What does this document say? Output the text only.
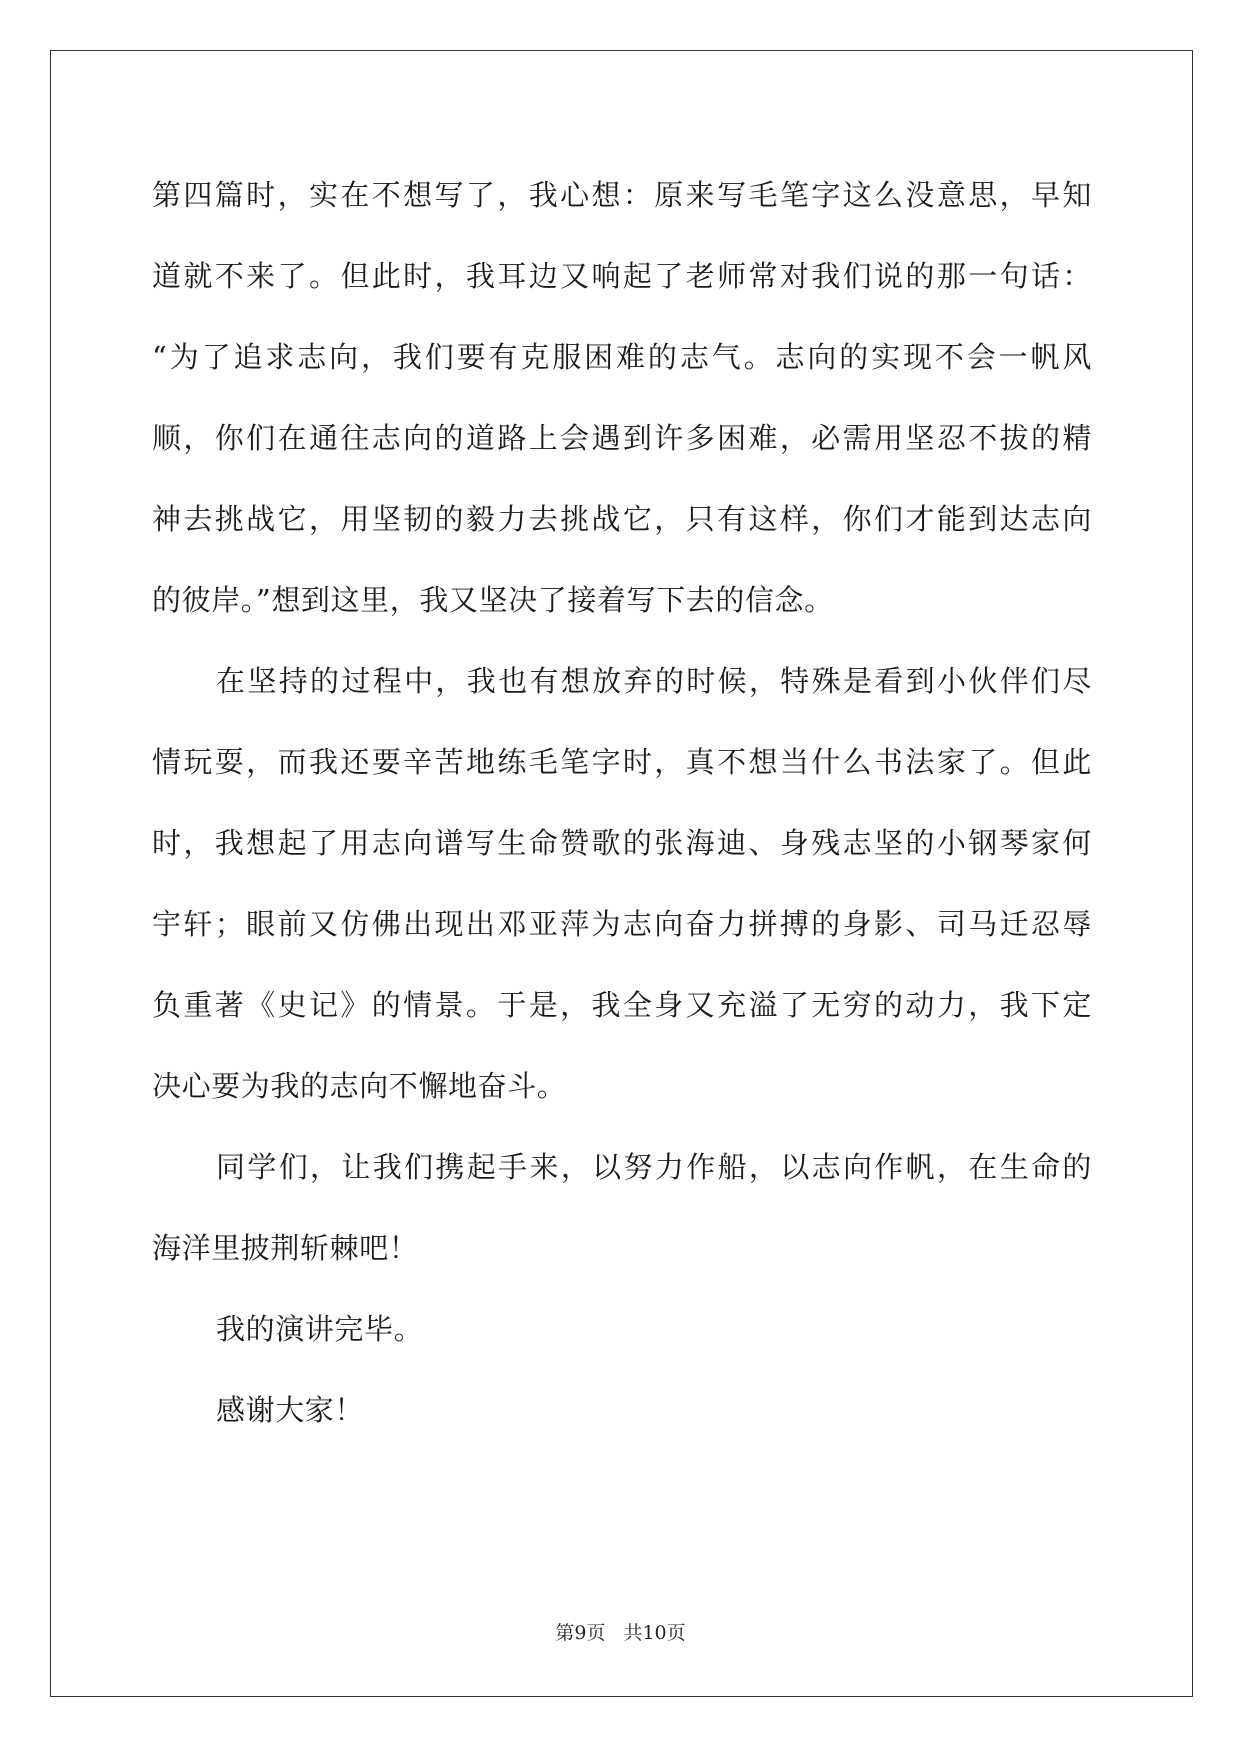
第四篇时，实在不想写了，我心想：原来写毛笔字这么没意思，早知
道就不来了。但此时，我耳边又响起了老师常对我们说的那一句话：
“为了追求志向，我们要有克服困难的志气。志向的实现不会一帆风
顺，你们在通往志向的道路上会遇到许多困难，必需用坚忍不拔的精
神去挑战它，用坚韧的毅力去挑战它，只有这样，你们才能到达志向
的彼岸。”想到这里，我又坚决了接着写下去的信念。
在坚持的过程中，我也有想放弃的时候，特殊是看到小伙伴们尽
情玩耍，而我还要辛苦地练毛笔字时，真不想当什么书法家了。但此
时，我想起了用志向谱写生命赞歌的张海迪、身残志坚的小钢琴家何
宇轩；眼前又仿佛出现出邓亚萍为志向奋力拼搏的身影、司马迁忍辱
负重著《史记》的情景。于是，我全身又充溢了无穷的动力，我下定
决心要为我的志向不懈地奋斗。
同学们，让我们携起手来，以努力作船，以志向作帆，在生命的
海洋里披荆斩棘吧！
我的演讲完毕。
感谢大家！
第9页 共10页
